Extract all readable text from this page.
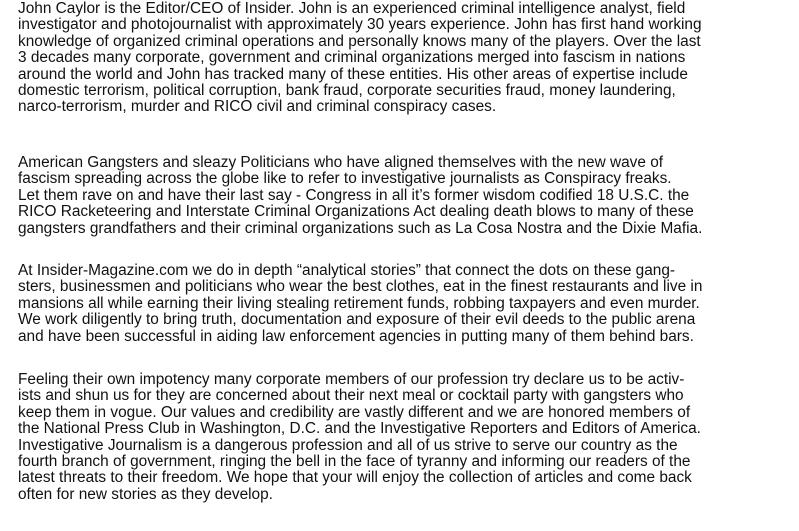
John Caylor is the Editor/CEO of Insider. John is an experienced criminal intelligence analyst, field
investigator and photojournalist with approximately 30 years experience. John has first hand working
knowledge of organized criminal operations and personally knows many of the players. Over the last
3 decades many corporate, government and criminal organizations merged into fascism in nations
around the world and John has tracked many of these entities. His other areas of expertise include
domestic terrorism, political corruption, bank fraud, corporate securities fraud, money laundering,
narco-terrorism, murder and RICO civil and criminal conspiracy cases.

American Gangsters and sleazy Politicians who have aligned themselves with the new wave of
fascism spreading across the globe like to refer to investigative journalists as Conspiracy freaks.
Let them rave on and have their last say - Congress in all it’s former wisdom codified 18 U.S.C. the
RICO Racketeering and Interstate Criminal Organizations Act dealing death blows to many of these
gangsters grandfathers and their criminal organizations such as La Cosa Nostra and the Dixie Mafia.

At Insider-Magazine.com we do in depth “analytical stories” that connect the dots on these gang-
sters, businessmen and politicians who wear the best clothes, eat in the finest restaurants and live in
mansions all while earning their living stealing retirement funds, robbing taxpayers and even murder.
We work diligently to bring truth, documentation and exposure of their evil deeds to the public arena
and have been successful in aiding law enforcement agencies in putting many of them behind bars.

Feeling their own impotency many corporate members of our profession try declare us to be activ-
ists and shun us for they are concerned about their next meal or cocktail party with gangsters who
keep them in vogue. Our values and credibility are vastly different and we are honored members of
the National Press Club in Washington, D.C. and the Investigative Reporters and Editors of America.
Investigative Journalism is a dangerous profession and all of us strive to serve our country as the
fourth branch of government, ringing the bell in the face of tyranny and informing our readers of the
latest threats to their freedom. We hope that your will enjoy the collection of articles and come back
often for new stories as they develop.
